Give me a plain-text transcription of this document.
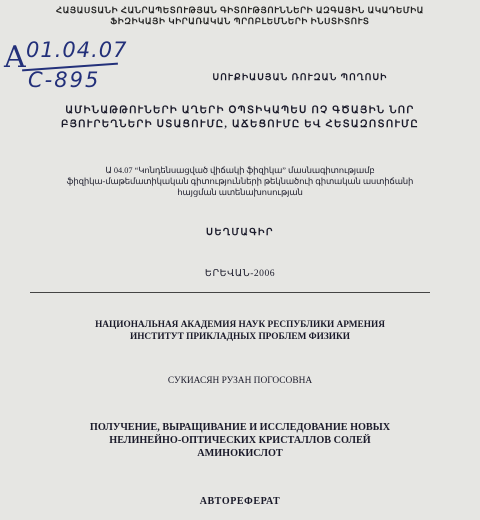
A 01.04.07
C-895
ՀԱՅԱՍՏԱՆԻ ՀԱՆՐԱՊԵՏՈՒԹՅԱՆ ԳԻՏՈՒԹՅՈՒՆՆԵՐԻ ԱԶԳԱՅԻՆ ԱԿԱԴԵՄԻԱ
ՖԻԶԻԿԱՅԻ ԿԻՐԱՌԱԿԱՆ ՊՐՈԲԼԵՄՆԵՐԻ ԻՆՍՏԻՏՈՒՏ
ՍՈՒՔԻԱՍՅԱՆ ՌՈՒԶԱՆ ՊՈՂՈՍԻ
ԱՄԻՆԱԹԹՈՒՆԵՐԻ ԱՂԵՐԻ ՕՊՏԻԿԱՊԵՍ ՈՉ ԳԾԱՅԻՆ ՆՈՐ
ԲՅՈՒՐԵՂՆԵՐԻ ՍՏԱՑՈՒՄԸ, ԱՃԵՑՈՒՄԸ ԵՎ ՀԵՏԱԶՈՏՈՒՄԸ
Ա 04.07 “Կոնդենսացված վիճակի ֆիզիկա” մասնագիտությամբ
ֆիզիկա-մաթեմատիկական գիտությունների թեկնածուի գիտական աստիճանի
հայցման ատենախոսության
ՍԵՂՄԱԳԻՐ
ԵՐԵՎԱՆ-2006
НАЦИОНАЛЬНАЯ АКАДЕМИЯ НАУК РЕСПУБЛИКИ АРМЕНИЯ
ИНСТИТУТ ПРИКЛАДНЫХ ПРОБЛЕМ ФИЗИКИ
СУКИАСЯН РУЗАН ПОГОСОВНА
ПОЛУЧЕНИЕ, ВЫРАЩИВАНИЕ И ИССЛЕДОВАНИЕ НОВЫХ
НЕЛИНЕЙНО-ОПТИЧЕСКИХ КРИСТАЛЛОВ СОЛЕЙ
АМИНОКИСЛОТ
АВТОРЕФЕРАТ
